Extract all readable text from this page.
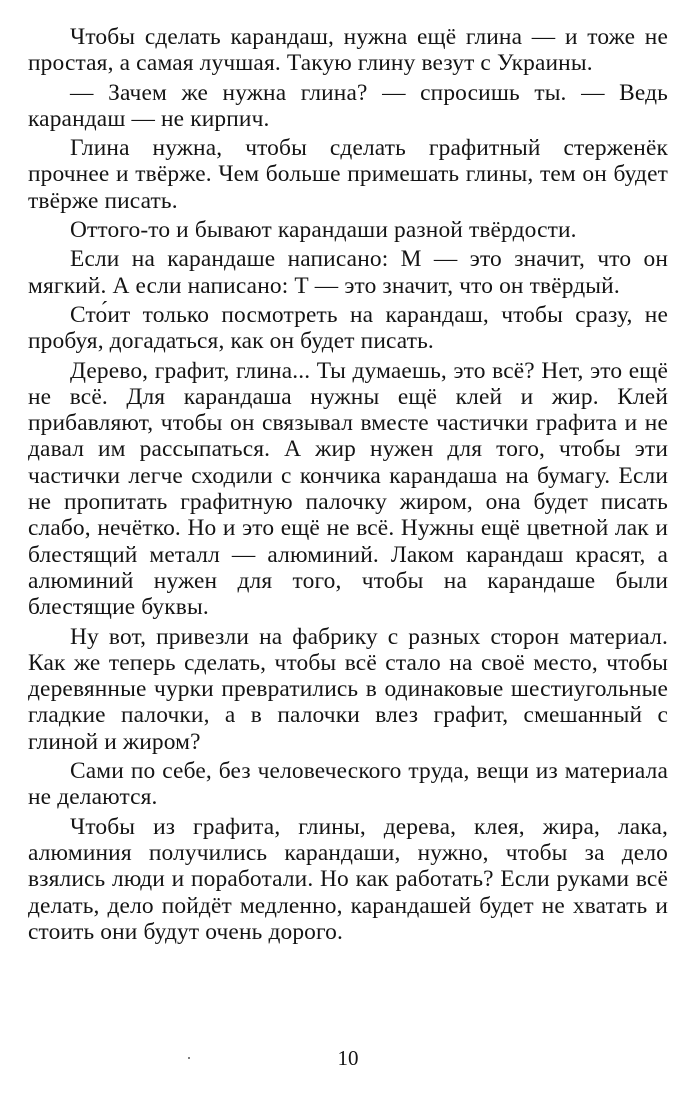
Чтобы сделать карандаш, нужна ещё глина — и тоже не простая, а самая лучшая. Такую глину везут с Украины.

— Зачем же нужна глина? — спросишь ты. — Ведь карандаш — не кирпич.

Глина нужна, чтобы сделать графитный стерженёк прочнее и твёрже. Чем больше примешать глины, тем он будет твёрже писать.

Оттого-то и бывают карандаши разной твёрдости.

Если на карандаше написано: М — это значит, что он мягкий. А если написано: Т — это значит, что он твёрдый.

Сто́ит только посмотреть на карандаш, чтобы сразу, не пробуя, догадаться, как он будет писать.

Дерево, графит, глина... Ты думаешь, это всё? Нет, это ещё не всё. Для карандаша нужны ещё клей и жир. Клей прибавляют, чтобы он связывал вместе частички графита и не давал им рассыпаться. А жир нужен для того, чтобы эти частички легче сходили с кончика карандаша на бумагу. Если не пропитать графитную палочку жиром, она будет писать слабо, нечётко. Но и это ещё не всё. Нужны ещё цветной лак и блестящий металл — алюминий. Лаком карандаш красят, а алюминий нужен для того, чтобы на карандаше были блестящие буквы.

Ну вот, привезли на фабрику с разных сторон материал. Как же теперь сделать, чтобы всё стало на своё место, чтобы деревянные чурки превратились в одинаковые шестиугольные гладкие палочки, а в палочки влез графит, смешанный с глиной и жиром?

Сами по себе, без человеческого труда, вещи из материала не делаются.

Чтобы из графита, глины, дерева, клея, жира, лака, алюминия получились карандаши, нужно, чтобы за дело взялись люди и поработали. Но как работать? Если руками всё делать, дело пойдёт медленно, карандашей будет не хватать и стоить они будут очень дорого.

10
